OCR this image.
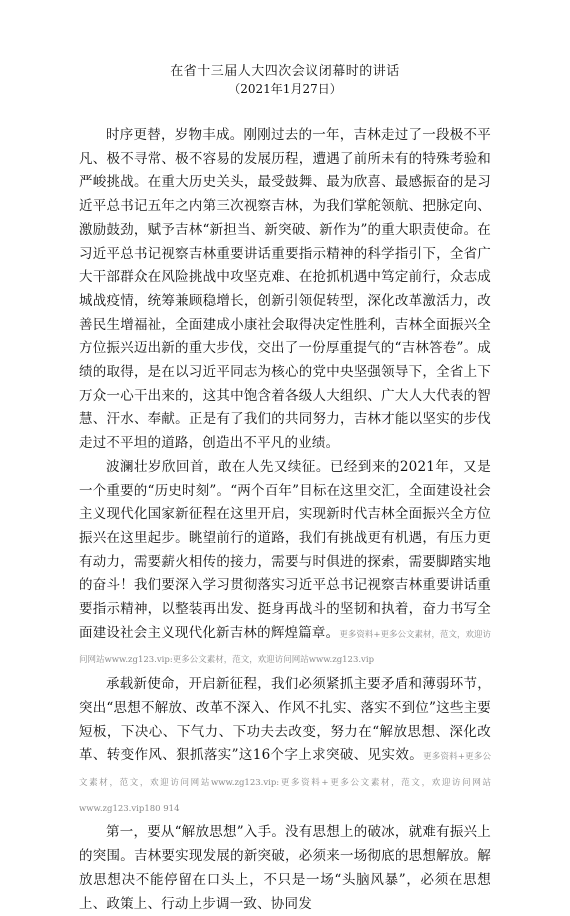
在省十三届人大四次会议闭幕时的讲话
（2021年1月27日）

时序更替，岁物丰成。刚刚过去的一年，吉林走过了一段极不平凡、极不寻常、极不容易的发展历程，遭遇了前所未有的特殊考验和严峻挑战。在重大历史关头，最受鼓舞、最为欣喜、最感振奋的是习近平总书记五年之内第三次视察吉林，为我们掌舵领航、把脉定向、激励鼓劲，赋予吉林“新担当、新突破、新作为”的重大职责使命。在习近平总书记视察吉林重要讲话重要指示精神的科学指引下，全省广大干部群众在风险挑战中攻坚克难、在抢抓机遇中笃定前行，众志成城战疫情，统筹兼顾稳增长，创新引领促转型，深化改革激活力，改善民生增福祉，全面建成小康社会取得决定性胜利，吉林全面振兴全方位振兴迈出新的重大步伐，交出了一份厚重提气的“吉林答卷”。成绩的取得，是在以习近平同志为核心的党中央坚强领导下，全省上下万众一心干出来的，这其中饱含着各级人大组织、广大人大代表的智慧、汗水、奉献。正是有了我们的共同努力，吉林才能以坚实的步伐走过不平坦的道路，创造出不平凡的业绩。

波澜壮岁欣回首，敢在人先又续征。已经到来的2021年，又是一个重要的“历史时刻”。“两个百年”目标在这里交汇，全面建设社会主义现代化国家新征程在这里开启，实现新时代吉林全面振兴全方位振兴在这里起步。眺望前行的道路，我们有挑战更有机遇，有压力更有动力，需要薪火相传的接力，需要与时俱进的探索，需要脚踏实地的奋斗！我们要深入学习贯彻落实习近平总书记视察吉林重要讲话重要指示精神，以整装再出发、挺身再战斗的坚韧和执着，奋力书写全面建设社会主义现代化新吉林的辉煌篇章。更多资料+更多公文素材，范文，欢迎访问网站www.zg123.vip:更多公文素材，范文，欢迎访问网站www.zg123.vip

承载新使命，开启新征程，我们必须紧抓主要矛盾和薄弱环节，突出“思想不解放、改革不深入、作风不扎实、落实不到位”这些主要短板，下决心、下气力、下功夫去改变，努力在“解放思想、深化改革、转变作风、狠抓落实”这16个字上求突破、见实效。更多资料+更多公文素材，范文，欢迎访问网站www.zg123.vip:更多资料+更多公文素材，范文，欢迎访问网站www.zg123.vip180 914

第一，要从“解放思想”入手。没有思想上的破冰，就难有振兴上的突围。吉林要实现发展的新突破，必须来一场彻底的思想解放。解放思想决不能停留在口头上，不只是一场“头脑风暴”，必须在思想上、政策上、行动上步调一致、协同发
